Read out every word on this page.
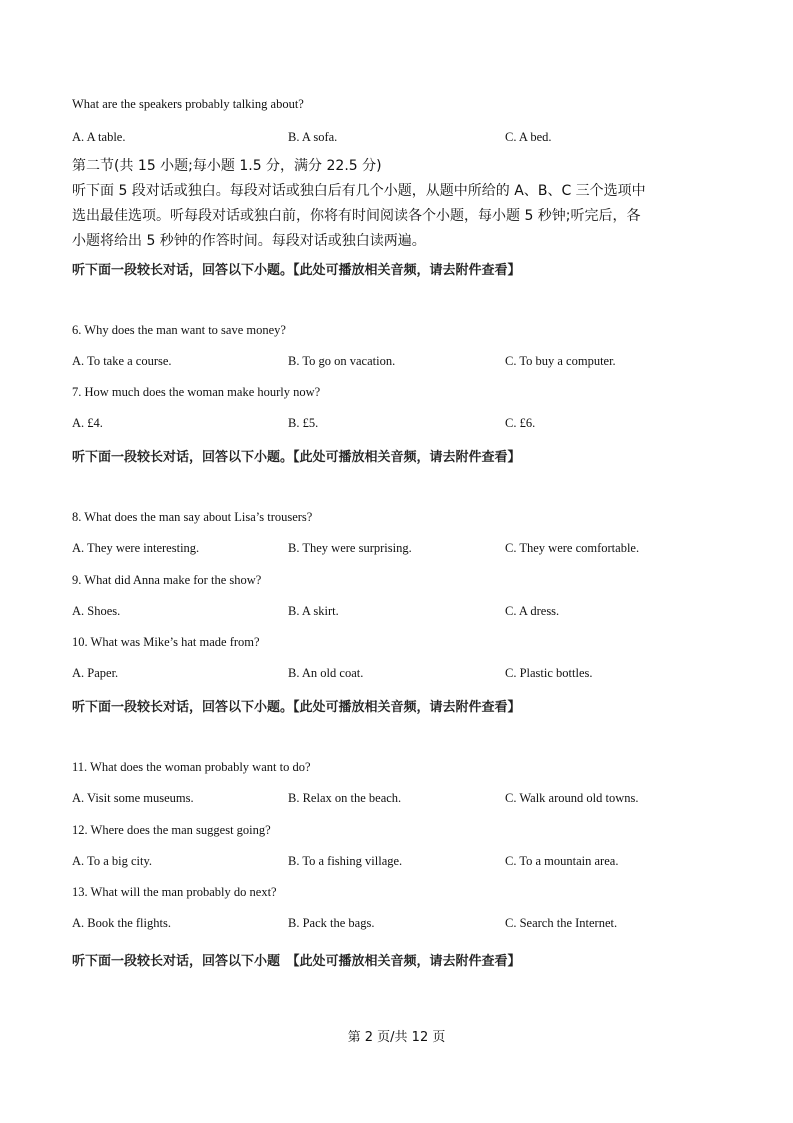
What are the speakers probably talking about?
A. A table.	B. A sofa.	C. A bed.
第二节(共 15 小题;每小题 1.5 分，满分 22.5 分)
听下面 5 段对话或独白。每段对话或独白后有几个小题，从题中所给的 A、B、C 三个选项中
选出最佳选项。听每段对话或独白前，你将有时间阅读各个小题，每小题 5 秒钟;听完后，各
小题将给出 5 秒钟的作答时间。每段对话或独白读两遍。
听下面一段较长对话，回答以下小题。【此处可播放相关音频，请去附件查看】
6. Why does the man want to save money?
A. To take a course.	B. To go on vacation.	C. To buy a computer.
7. How much does the woman make hourly now?
A. £4.	B. £5.	C. £6.
听下面一段较长对话，回答以下小题。【此处可播放相关音频，请去附件查看】
8. What does the man say about Lisa’s trousers?
A. They were interesting.	B. They were surprising.	C. They were comfortable.
9. What did Anna make for the show?
A. Shoes.	B. A skirt.	C. A dress.
10. What was Mike’s hat made from?
A. Paper.	B. An old coat.	C. Plastic bottles.
听下面一段较长对话，回答以下小题。【此处可播放相关音频，请去附件查看】
11. What does the woman probably want to do?
A. Visit some museums.	B. Relax on the beach.	C. Walk around old towns.
12. Where does the man suggest going?
A. To a big city.	B. To a fishing village.	C. To a mountain area.
13. What will the man probably do next?
A. Book the flights.	B. Pack the bags.	C. Search the Internet.
听下面一段较长对话，回答以下小题　【此处可播放相关音频，请去附件查看】
第 2 页/共 12 页
